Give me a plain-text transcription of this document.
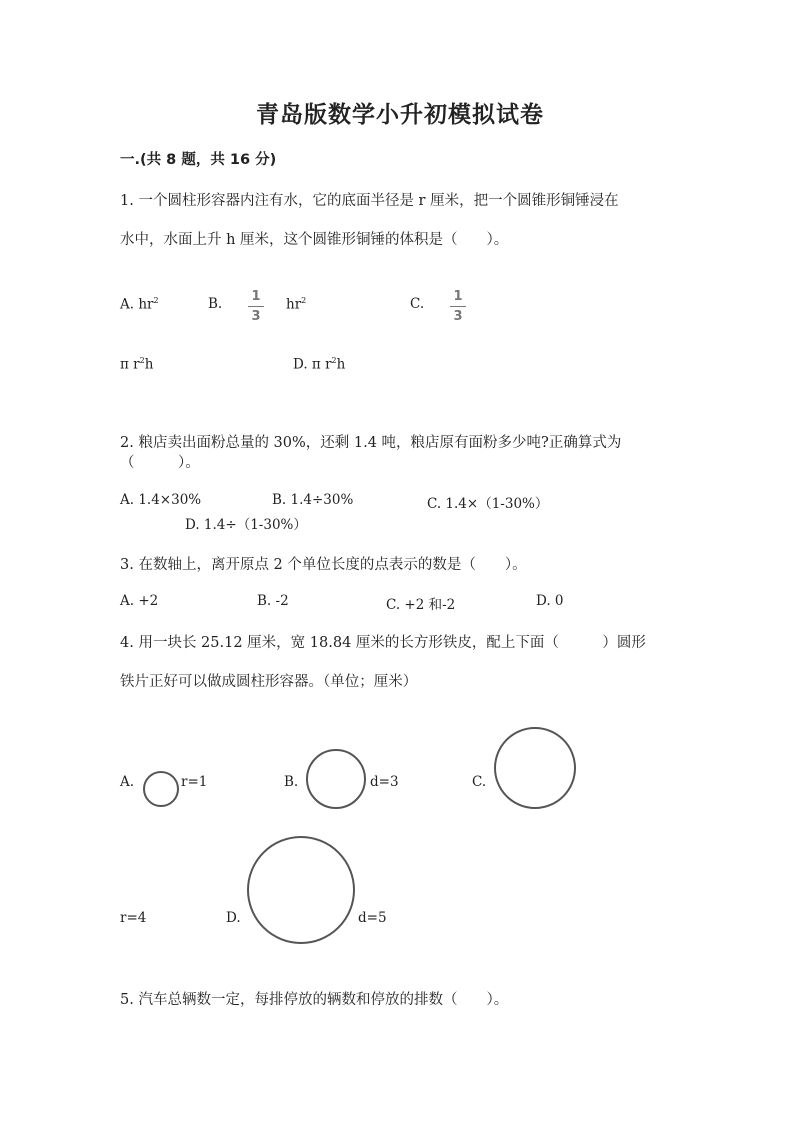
青岛版数学小升初模拟试卷
一.(共 8 题，共 16 分)
1. 一个圆柱形容器内注有水，它的底面半径是 r 厘米，把一个圆锥形铜锤浸在
水中，水面上升 h 厘米，这个圆锥形铜锤的体积是（　　）。
A. $hr^2$	B. 1
3
$hr^2$	C. 1
3
π $r^2h$	D. π $r^2h$
2. 粮店卖出面粉总量的 30%，还剩 1.4 吨，粮店原有面粉多少吨?正确算式为
（　　　）。
A. 1.4×30%	B. 1.4÷30%	C. 1.4×（1-30%）
D. 1.4÷（1-30%）
3. 在数轴上，离开原点 2 个单位长度的点表示的数是（　　）。
A. +2	B. -2	C. +2 和-2	D. 0
4. 用一块长 25.12 厘米，宽 18.84 厘米的长方形铁皮，配上下面（　　　）圆形
铁片正好可以做成圆柱形容器。（单位；厘米）
A.	r=1	B.	d=3	C.
r=4	D.	d=5
5. 汽车总辆数一定，每排停放的辆数和停放的排数（　　）。
